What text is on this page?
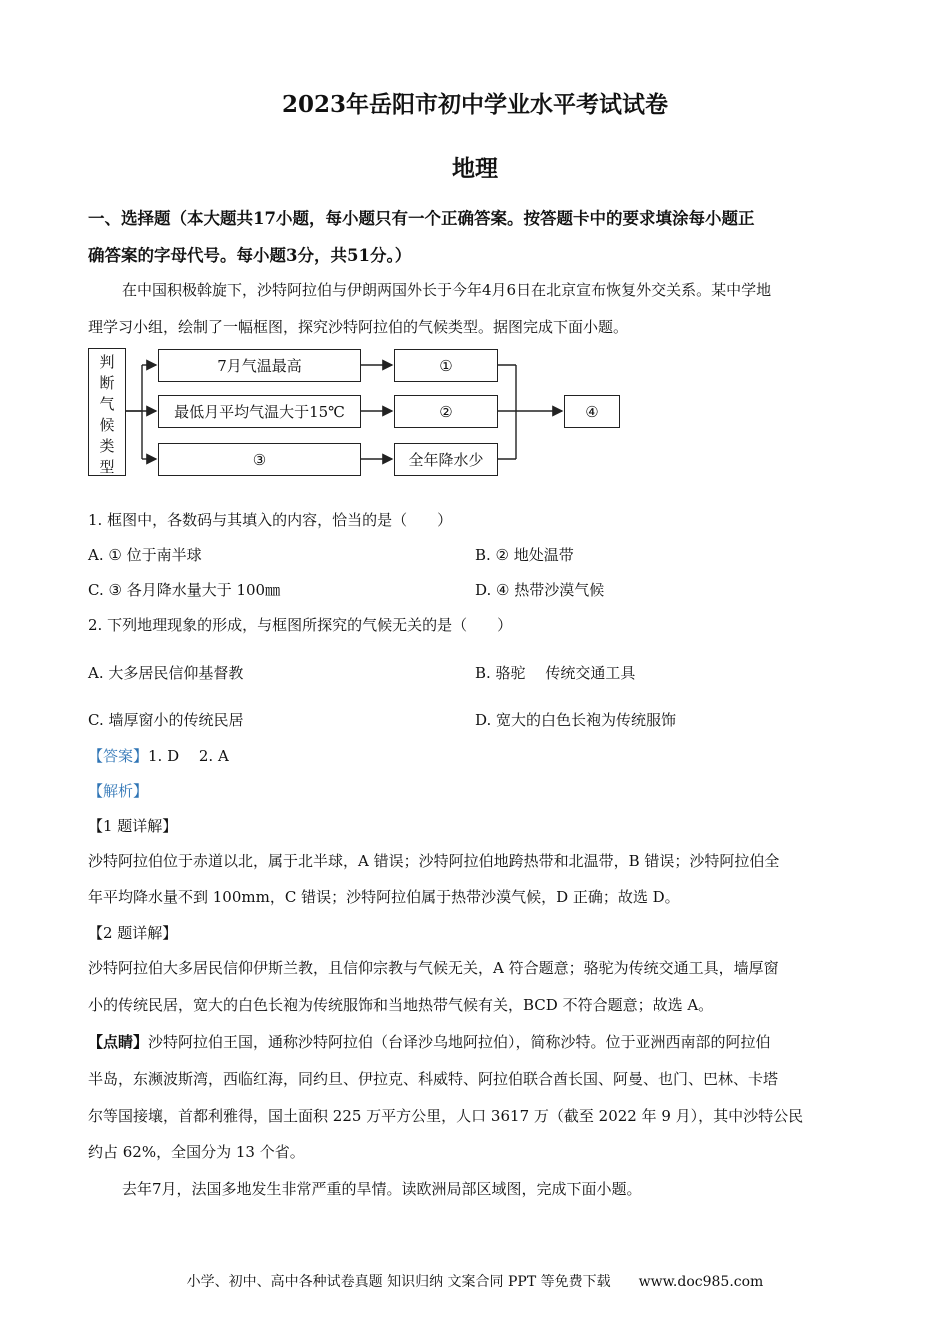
2023年岳阳市初中学业水平考试试卷
地理
一、选择题（本大题共17小题，每小题只有一个正确答案。按答题卡中的要求填涂每小题正
确答案的字母代号。每小题3分，共51分。）
在中国积极斡旋下，沙特阿拉伯与伊朗两国外长于今年4月6日在北京宣布恢复外交关系。某中学地
理学习小组，绘制了一幅框图，探究沙特阿拉伯的气候类型。据图完成下面小题。
判
断
气
候
类
型
7月气温最高	①
最低月平均气温大于15℃	②
③	全年降水少
④
1. 框图中，各数码与其填入的内容，恰当的是（　　）
A. ① 位于南半球	B. ② 地处温带
C. ③ 各月降水量大于 100㎜	D. ④ 热带沙漠气候
2. 下列地理现象的形成，与框图所探究的气候无关的是（　　）
A. 大多居民信仰基督教	B. 骆驼　 传统交通工具
C. 墙厚窗小的传统民居	D. 宽大的白色长袍为传统服饰
【答案】1. D　 2. A
【解析】
【1 题详解】
沙特阿拉伯位于赤道以北，属于北半球，A 错误；沙特阿拉伯地跨热带和北温带，B 错误；沙特阿拉伯全
年平均降水量不到 100mm，C 错误；沙特阿拉伯属于热带沙漠气候，D 正确；故选 D。
【2 题详解】
沙特阿拉伯大多居民信仰伊斯兰教，且信仰宗教与气候无关，A 符合题意；骆驼为传统交通工具，墙厚窗
小的传统民居，宽大的白色长袍为传统服饰和当地热带气候有关，BCD 不符合题意；故选 A。
【点睛】沙特阿拉伯王国，通称沙特阿拉伯（台译沙乌地阿拉伯），简称沙特。位于亚洲西南部的阿拉伯
半岛，东濒波斯湾，西临红海，同约旦、伊拉克、科威特、阿拉伯联合酋长国、阿曼、也门、巴林、卡塔
尔等国接壤，首都利雅得，国土面积 225 万平方公里，人口 3617 万（截至 2022 年 9 月），其中沙特公民
约占 62%，全国分为 13 个省。
去年7月，法国多地发生非常严重的旱情。读欧洲局部区域图，完成下面小题。
小学、初中、高中各种试卷真题 知识归纳 文案合同 PPT 等免费下载　　www.doc985.com
